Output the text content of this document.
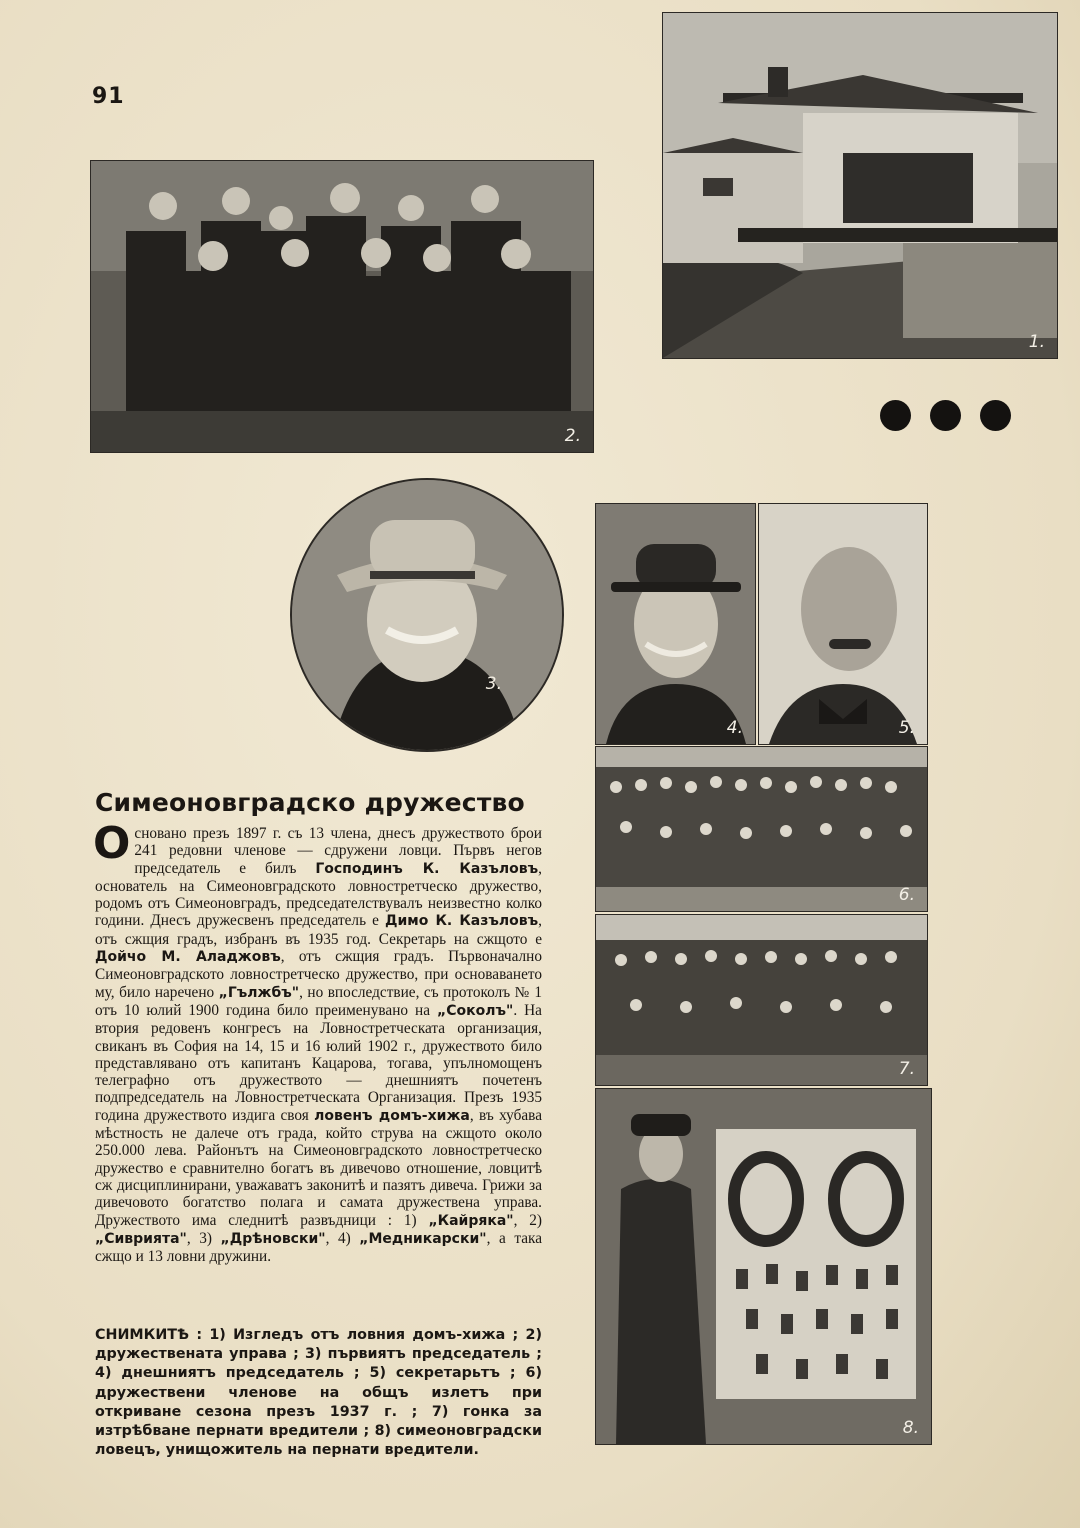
91
1.
2.
3.
4.	5.
6.
7.
8.
Симеоновградско дружество
Основано презъ 1897 г. съ 13 члена, днесъ дружеството брои 241 редовни членове — сдружени ловци. Първъ негов председатель е билъ Господинъ К. Казъловъ, основатель на Симеоновградското ловностретческо дружество, родомъ отъ Симеоновградъ, председателствувалъ неизвестно колко години. Днесъ дружесвенъ председатель е Димо К. Казъловъ, отъ сжщия градъ, избранъ въ 1935 год. Секретарь на сжщото е Дойчо М. Аладжовъ, отъ сжщия градъ. Първоначално Симеоновградското ловностретческо дружество, при основаването му, било наречено „Гължбъ", но впоследствие, съ протоколъ № 1 отъ 10 юлий 1900 година било преименувано на „Соколъ". На втория редовенъ конгресъ на Ловностретческата организация, свиканъ въ София на 14, 15 и 16 юлий 1902 г., дружеството било представлявано отъ капитанъ Кацарова, тогава, упълномощенъ телеграфно отъ дружеството — днешниятъ почетенъ подпредседатель на Ловностретческата Организация. Презъ 1935 година дружеството издига своя ловенъ домъ-хижа, въ хубава мѣстность не далече отъ града, който струва на сжщото около 250.000 лева. Районътъ на Симеоновградското ловностретческо дружество е сравнително богатъ въ дивечово отношение, ловцитѣ сж дисциплинирани, уважаватъ законитѣ и пазятъ дивеча. Грижи за дивечовото богатство полага и самата дружествена управа. Дружеството има следнитѣ развъдници : 1) „Кайряка", 2) „Сиврията", 3) „Дрѣновски", 4) „Медникарски", а така сжщо и 13 ловни дружини.
СНИМКИТѢ : 1) Изгледъ отъ ловния домъ-хижа ; 2) дружествената управа ; 3) първиятъ председатель ; 4) днешниятъ председатель ; 5) секретарьтъ ; 6) дружествени членове на общъ излетъ при откриване сезона презъ 1937 г. ; 7) гонка за изтрѣбване пернати вредители ; 8) симеоновградски ловецъ, унищожитель на пернати вредители.
